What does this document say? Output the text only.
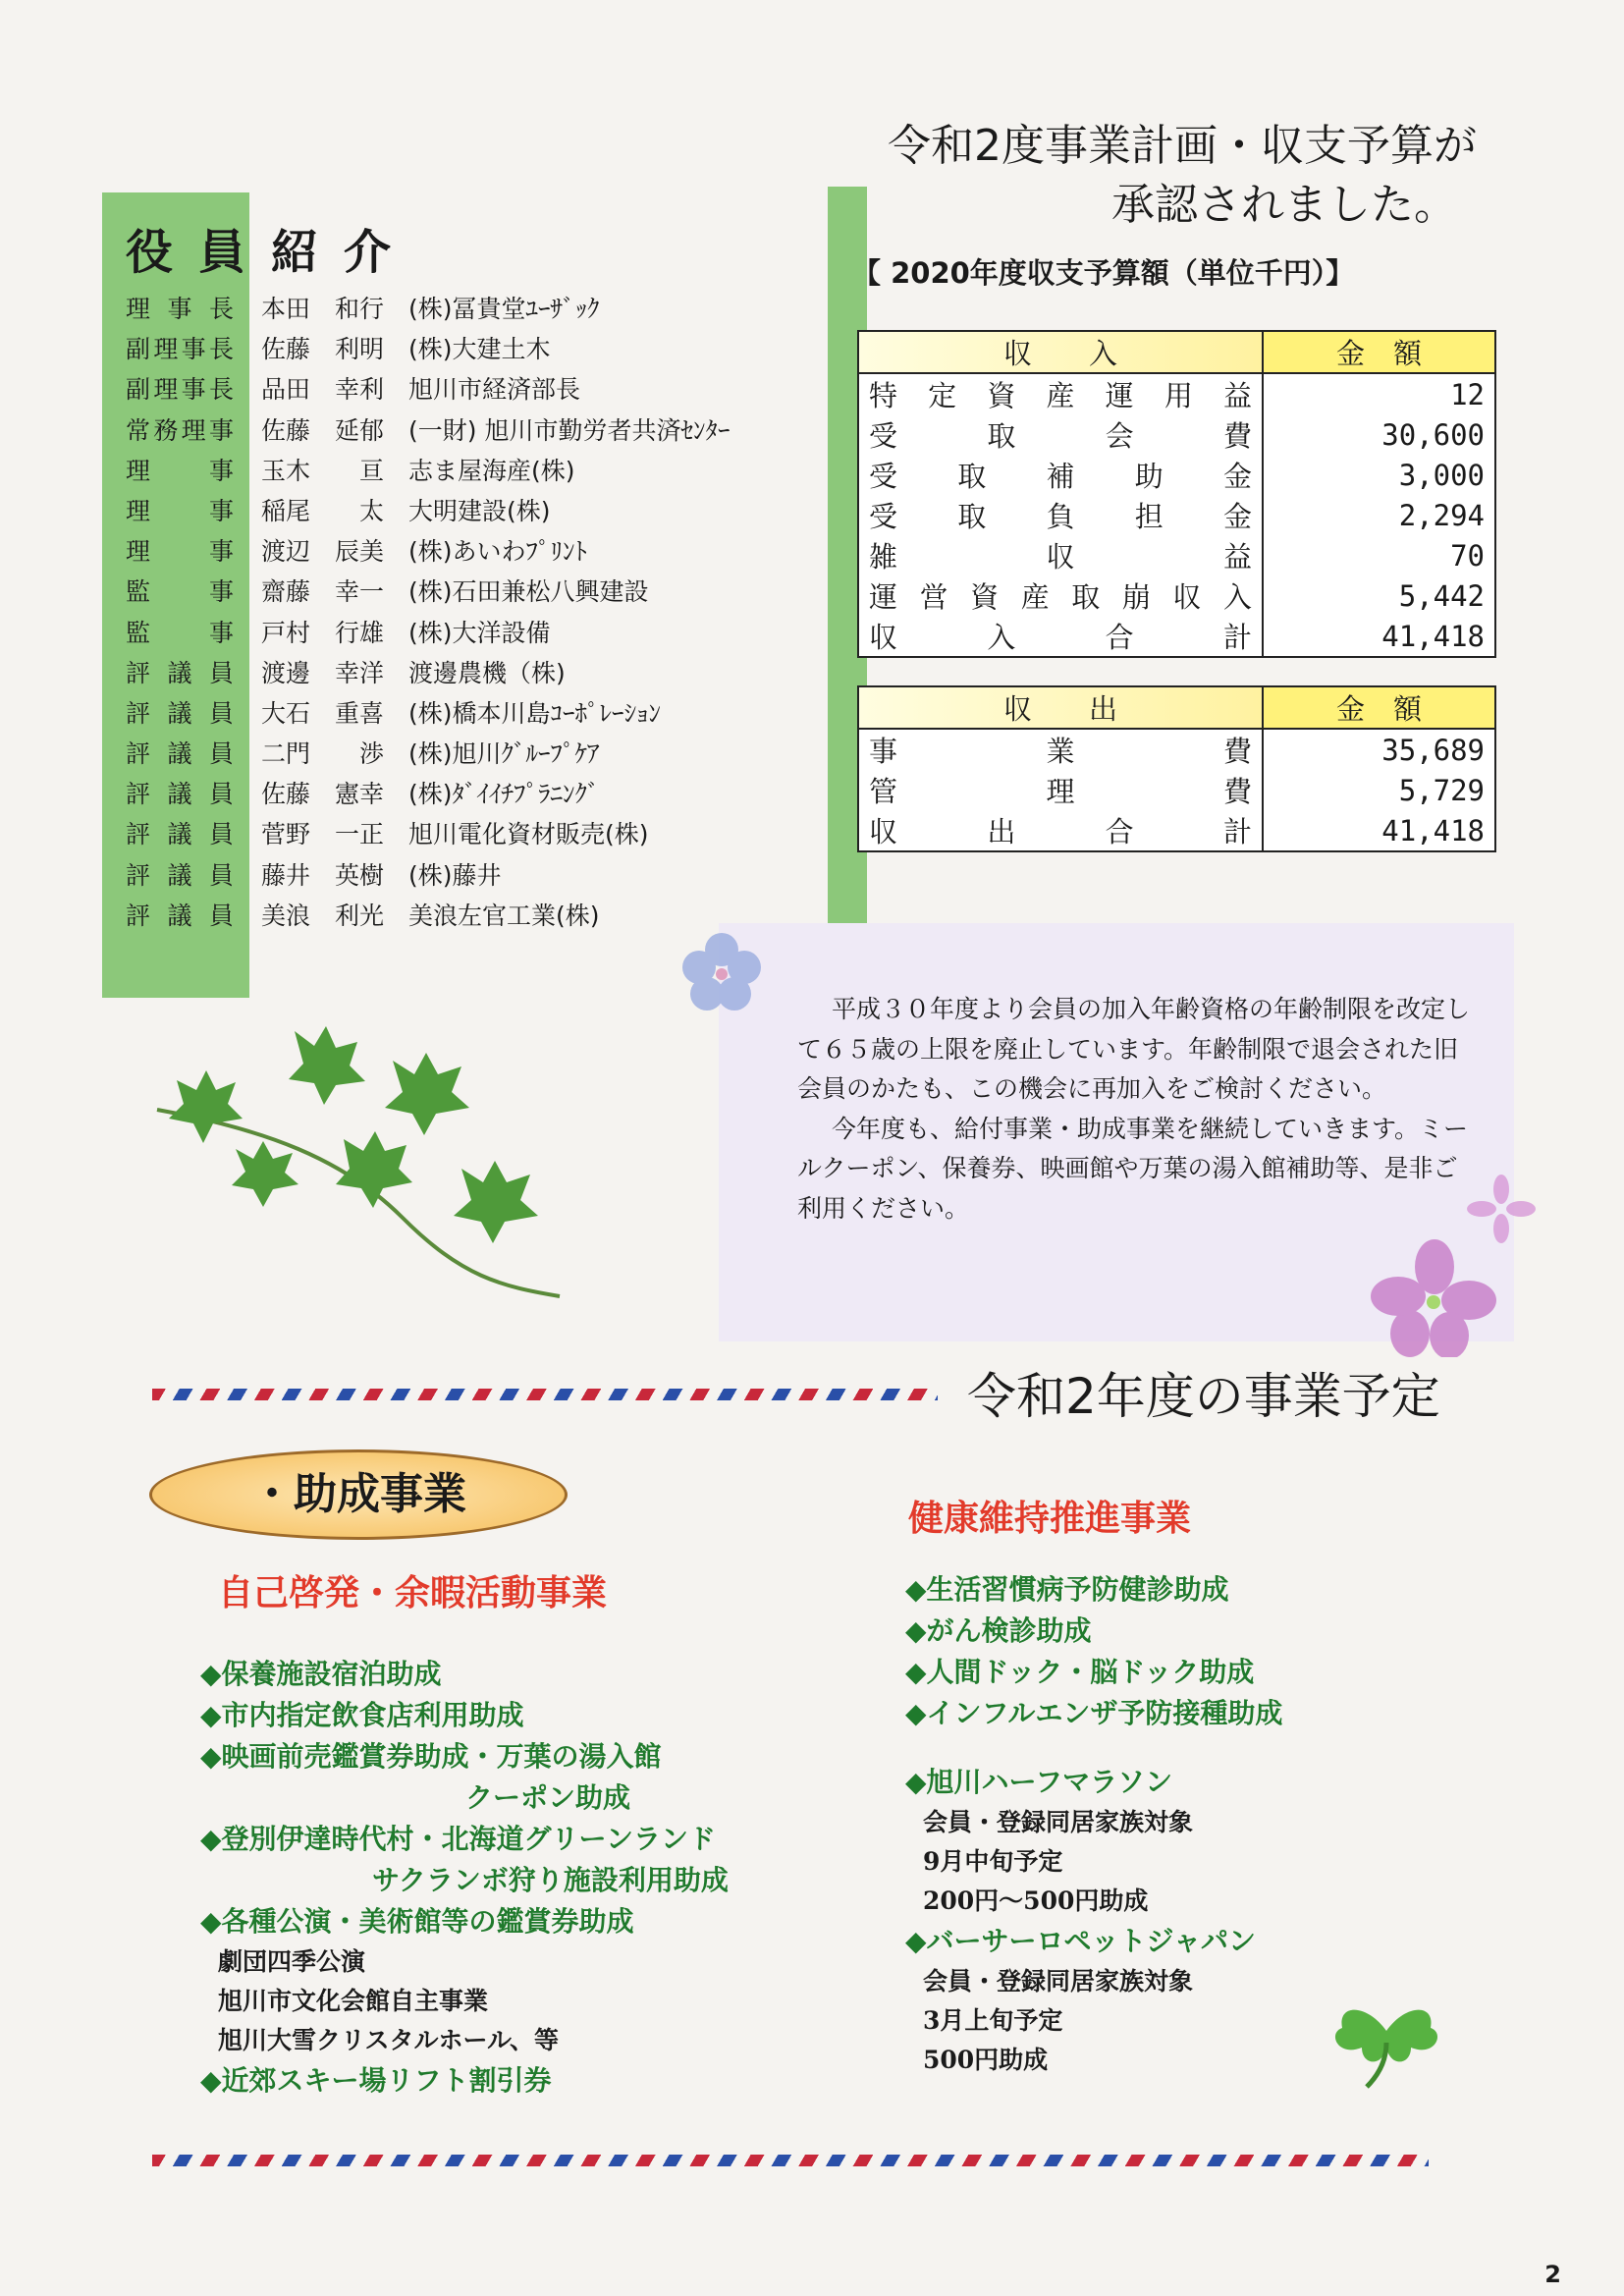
役員紹介
理事長 本田　和行 (株)冨貴堂ﾕｰｻﾞｯｸ
副理事長 佐藤　利明 (株)大建土木
副理事長 品田　幸利 旭川市経済部長
常務理事 佐藤　延郁 (一財) 旭川市勤労者共済ｾﾝﾀｰ
理事 玉木　　亘 志ま屋海産(株)
理事 稲尾　　太 大明建設(株)
理事 渡辺　辰美 (株)あいわﾌﾟﾘﾝﾄ
監事 齋藤　幸一 (株)石田兼松八興建設
監事 戸村　行雄 (株)大洋設備
評議員 渡邊　幸洋 渡邊農機（株)
評議員 大石　重喜 (株)橋本川島ｺｰﾎﾟﾚｰｼｮﾝ
評議員 二門　　渉 (株)旭川ｸﾞﾙｰﾌﾟｹｱ
評議員 佐藤　憲幸 (株)ﾀﾞｲｲﾁﾌﾟﾗﾆﾝｸﾞ
評議員 菅野　一正 旭川電化資材販売(株)
評議員 藤井　英樹 (株)藤井
評議員 美浪　利光 美浪左官工業(株)
令和2度事業計画・収支予算が
承認されました。
【 2020年度収支予算額（単位千円）】
収　　入	金　額
特定資産運用益	12
受取会費	30,600
受取補助金	3,000
受取負担金	2,294
雑収益	70
運営資産取崩収入	5,442
収入合計	41,418
収　　出	金　額
事業費	35,689
管理費	5,729
収出合計	41,418

平成３０年度より会員の加入年齢資格の年齢制限を改定して６５歳の上限を廃止しています。年齢制限で退会された旧会員のかたも、この機会に再加入をご検討ください。

今年度も、給付事業・助成事業を継続していきます。ミールクーポン、保養券、映画館や万葉の湯入館補助等、是非ご利用ください。

令和2年度の事業予定
・助成事業
自己啓発・余暇活動事業
◆保養施設宿泊助成
◆市内指定飲食店利用助成
◆映画前売鑑賞券助成・万葉の湯入館
クーポン助成
◆登別伊達時代村・北海道グリーンランド
サクランボ狩り施設利用助成
◆各種公演・美術館等の鑑賞券助成
劇団四季公演
旭川市文化会館自主事業
旭川大雪クリスタルホール、等
◆近郊スキー場リフト割引券
健康維持推進事業
◆生活習慣病予防健診助成
◆がん検診助成
◆人間ドック・脳ドック助成
◆インフルエンザ予防接種助成
◆旭川ハーフマラソン
会員・登録同居家族対象
9月中旬予定
200円～500円助成
◆バーサーロペットジャパン
会員・登録同居家族対象
3月上旬予定
500円助成
2
